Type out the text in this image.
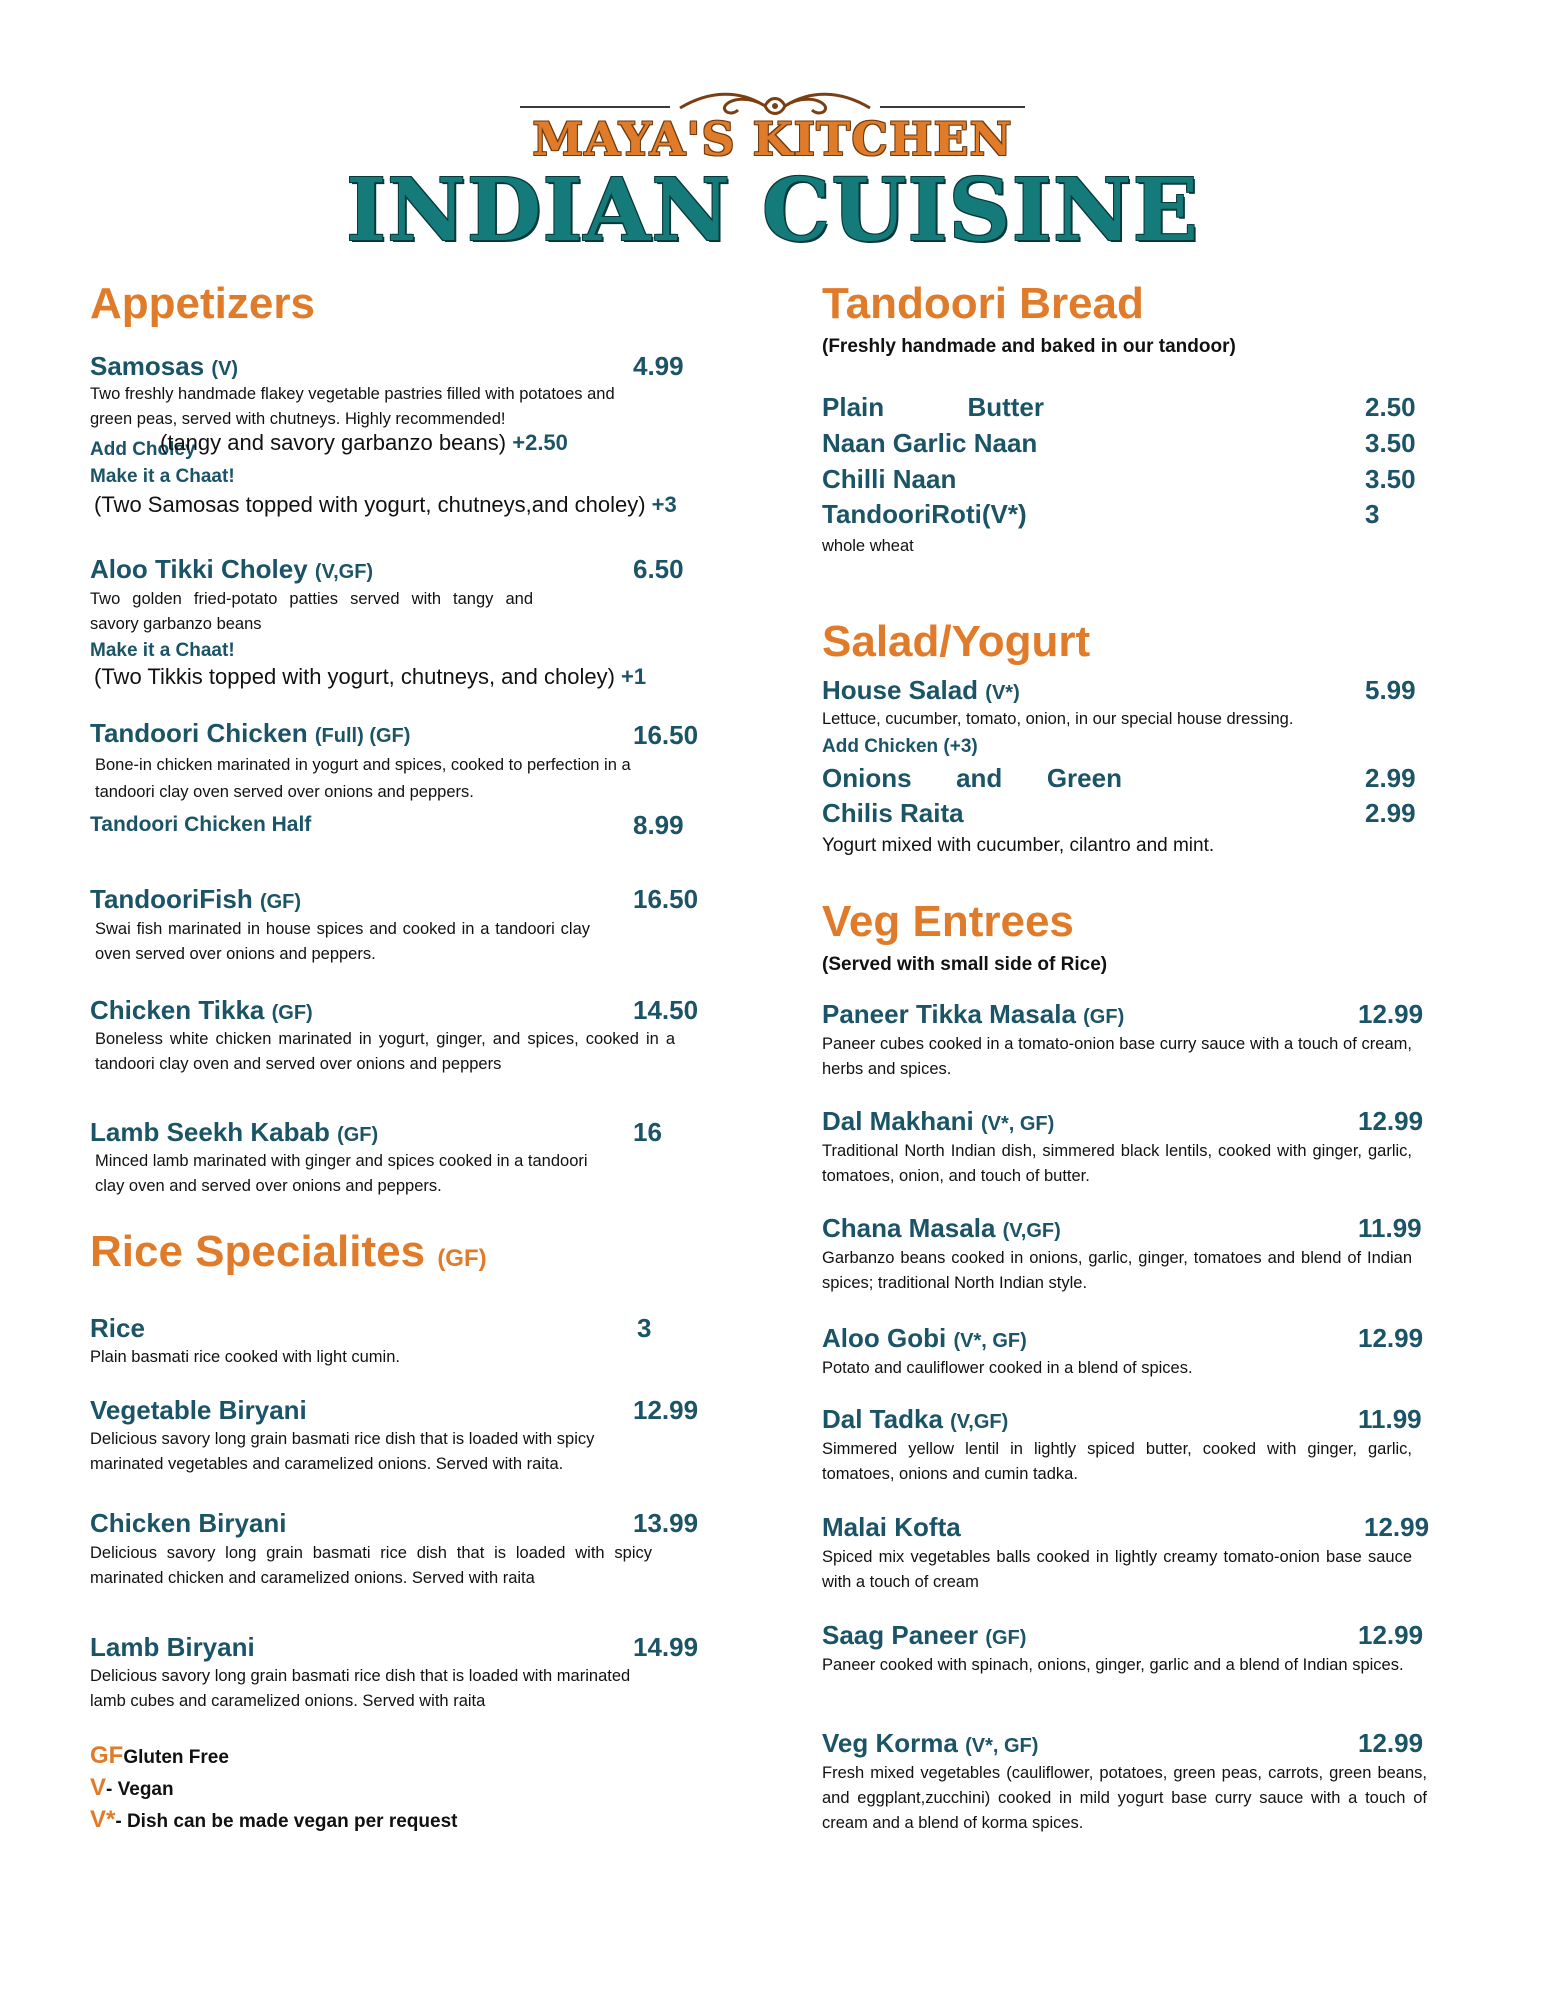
MAYA'S KITCHEN
INDIAN CUISINE
Appetizers
Samosas (V)	4.99
Two freshly handmade flakey vegetable pastries filled with potatoes and green peas, served with chutneys. Highly recommended!
Add Choley
(tangy and savory garbanzo beans) +2.50
Make it a Chaat!
(Two Samosas topped with yogurt, chutneys,and choley) +3
Aloo Tikki Choley (V,GF)	6.50
Two golden fried-potato patties served with tangy and savory garbanzo beans
Make it a Chaat!
(Two Tikkis topped with yogurt, chutneys, and choley) +1
Tandoori Chicken (Full) (GF)	16.50
Bone-in chicken marinated in yogurt and spices, cooked to perfection in a tandoori clay oven served over onions and peppers.
Tandoori Chicken Half	8.99
TandooriFish (GF)	16.50
Swai fish marinated in house spices and cooked in a tandoori clay oven served over onions and peppers.
Chicken Tikka (GF)	14.50
Boneless white chicken marinated in yogurt, ginger, and spices, cooked in a tandoori clay oven and served over onions and peppers
Lamb Seekh Kabab (GF)	16
Minced lamb marinated with ginger and spices cooked in a tandoori clay oven and served over onions and peppers.
Rice Specialites (GF)
Rice	3
Plain basmati rice cooked with light cumin.
Vegetable Biryani	12.99
Delicious savory long grain basmati rice dish that is loaded with spicy marinated vegetables and caramelized onions. Served with raita.
Chicken Biryani	13.99
Delicious savory long grain basmati rice dish that is loaded with spicy marinated chicken and caramelized onions. Served with raita
Lamb Biryani	14.99
Delicious savory long grain basmati rice dish that is loaded with marinated lamb cubes and caramelized onions. Served with raita
GFGluten Free
V- Vegan
V*- Dish can be made vegan per request
Tandoori Bread
(Freshly handmade and baked in our tandoor)
Plain	Butter	2.50
Naan Garlic Naan	3.50
Chilli Naan	3.50
TandooriRoti(V*)	3
whole wheat
Salad/Yogurt
House Salad (V*)	5.99
Lettuce, cucumber, tomato, onion, in our special house dressing.
Add Chicken (+3)
Onions and Green	2.99
Chilis Raita	2.99
Yogurt mixed with cucumber, cilantro and mint.
Veg Entrees
(Served with small side of Rice)
Paneer Tikka Masala (GF)	12.99
Paneer cubes cooked in a tomato-onion base curry sauce with a touch of cream, herbs and spices.
Dal Makhani (V*, GF)	12.99
Traditional North Indian dish, simmered black lentils, cooked with ginger, garlic, tomatoes, onion, and touch of butter.
Chana Masala (V,GF)	11.99
Garbanzo beans cooked in onions, garlic, ginger, tomatoes and blend of Indian spices; traditional North Indian style.
Aloo Gobi (V*, GF)	12.99
Potato and cauliflower cooked in a blend of spices.
Dal Tadka (V,GF)	11.99
Simmered yellow lentil in lightly spiced butter, cooked with ginger, garlic, tomatoes, onions and cumin tadka.
Malai Kofta	12.99
Spiced mix vegetables balls cooked in lightly creamy tomato-onion base sauce with a touch of cream
Saag Paneer (GF)	12.99
Paneer cooked with spinach, onions, ginger, garlic and a blend of Indian spices.
Veg Korma (V*, GF)	12.99
Fresh mixed vegetables (cauliflower, potatoes, green peas, carrots, green beans, and eggplant,zucchini) cooked in mild yogurt base curry sauce with a touch of cream and a blend of korma spices.
